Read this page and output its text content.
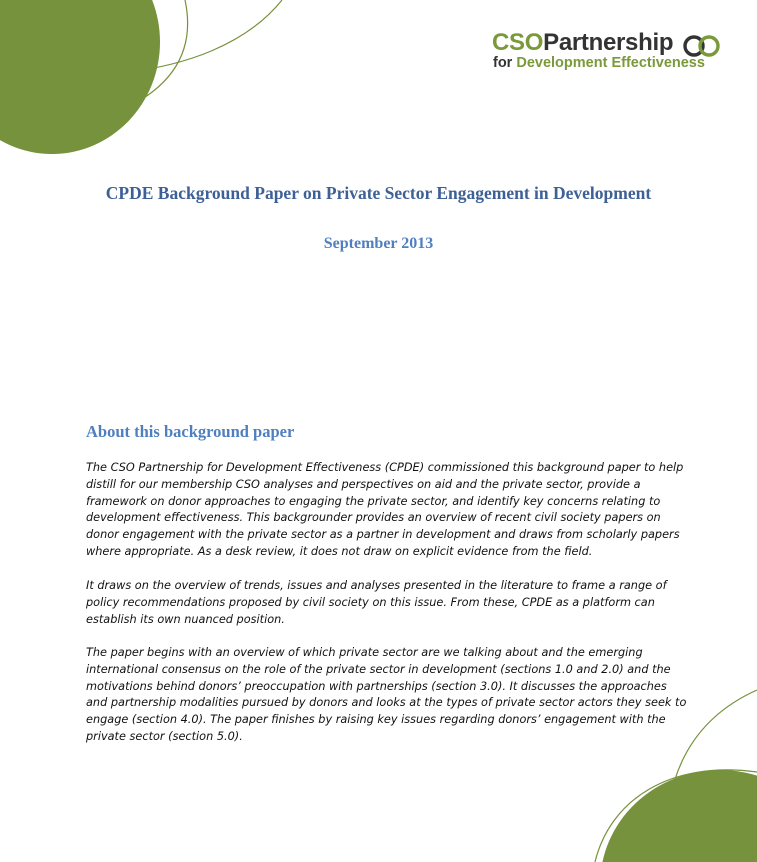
CSOPartnership
for Development Effectiveness
CPDE Background Paper on Private Sector Engagement in Development
September 2013
About this background paper

The CSO Partnership for Development Effectiveness (CPDE) commissioned this background paper to help
distill for our membership CSO analyses and perspectives on aid and the private sector, provide a
framework on donor approaches to engaging the private sector, and identify key concerns relating to
development effectiveness. This backgrounder provides an overview of recent civil society papers on
donor engagement with the private sector as a partner in development and draws from scholarly papers
where appropriate. As a desk review, it does not draw on explicit evidence from the field.

It draws on the overview of trends, issues and analyses presented in the literature to frame a range of
policy recommendations proposed by civil society on this issue. From these, CPDE as a platform can
establish its own nuanced position.

The paper begins with an overview of which private sector are we talking about and the emerging
international consensus on the role of the private sector in development (sections 1.0 and 2.0) and the
motivations behind donors’ preoccupation with partnerships (section 3.0). It discusses the approaches
and partnership modalities pursued by donors and looks at the types of private sector actors they seek to
engage (section 4.0). The paper finishes by raising key issues regarding donors’ engagement with the
private sector (section 5.0).
